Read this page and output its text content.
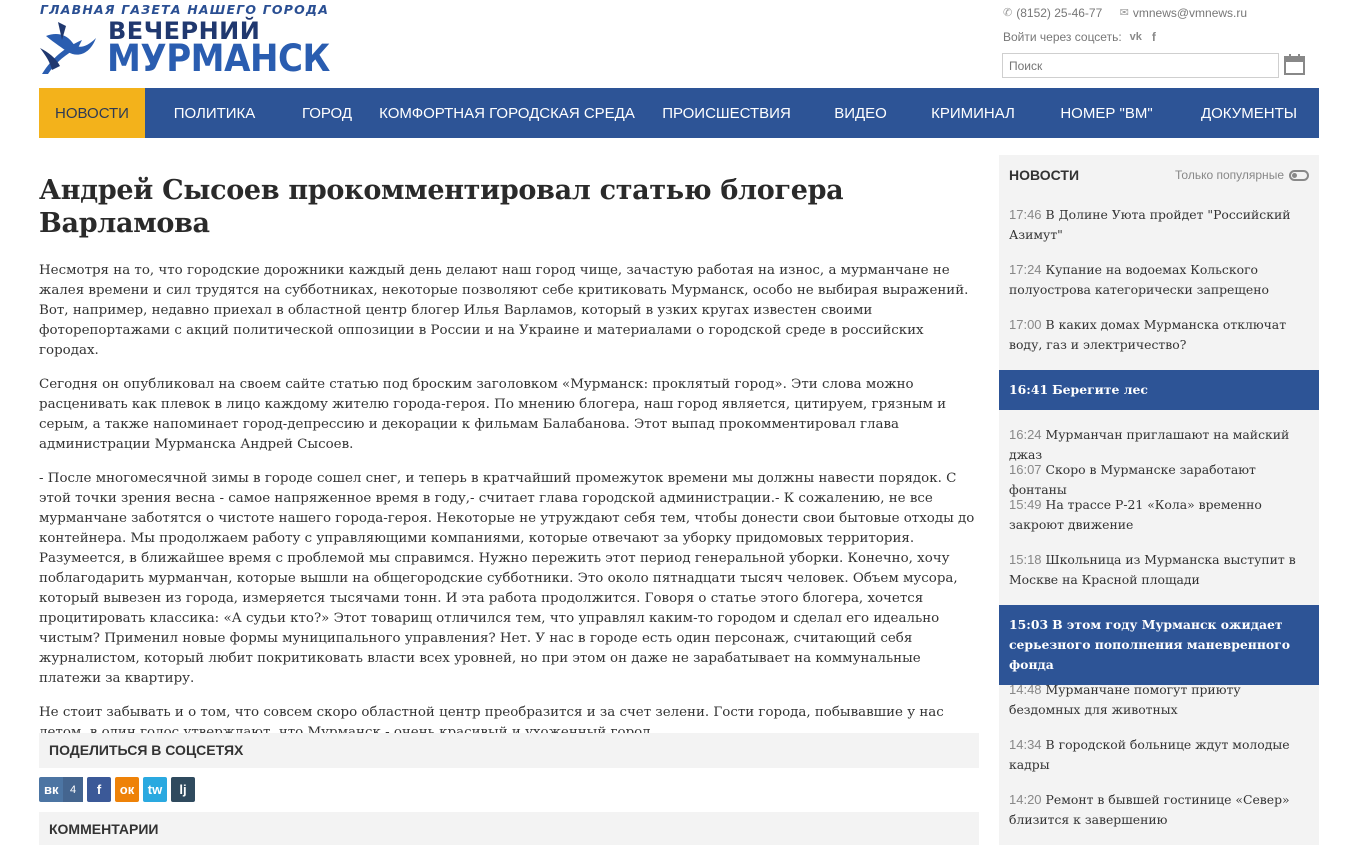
ГЛАВНАЯ ГАЗЕТА НАШЕГО ГОРОДА
ВЕЧЕРНИЙ
МУРМАНСК
✆ (8152) 25-46-77
✉ vmnews@vmnews.ru
Войти через соцсеть: vk f
Поиск
НОВОСТИ	ПОЛИТИКА	ГОРОД	КОМФОРТНАЯ ГОРОДСКАЯ СРЕДА	ПРОИСШЕСТВИЯ	ВИДЕО	КРИМИНАЛ	НОМЕР "ВМ"	ДОКУМЕНТЫ
Андрей Сысоев прокомментировал статью блогера Варламова

Несмотря на то, что городские дорожники каждый день делают наш город чище, зачастую работая на износ, а мурманчане не жалея времени и сил трудятся на субботниках, некоторые позволяют себе критиковать Мурманск, особо не выбирая выражений. Вот, например, недавно приехал в областной центр блогер Илья Варламов, который в узких кругах известен своими фоторепортажами с акций политической оппозиции в России и на Украине и материалами о городской среде в российских городах.

Сегодня он опубликовал на своем сайте статью под броским заголовком «Мурманск: проклятый город». Эти слова можно расценивать как плевок в лицо каждому жителю города-героя. По мнению блогера, наш город является, цитируем, грязным и серым, а также напоминает город-депрессию и декорации к фильмам Балабанова. Этот выпад прокомментировал глава администрации Мурманска Андрей Сысоев.

- После многомесячной зимы в городе сошел снег, и теперь в кратчайший промежуток времени мы должны навести порядок. С этой точки зрения весна - самое напряженное время в году,- считает глава городской администрации.- К сожалению, не все мурманчане заботятся о чистоте нашего города-героя. Некоторые не утруждают себя тем, чтобы донести свои бытовые отходы до контейнера. Мы продолжаем работу с управляющими компаниями, которые отвечают за уборку придомовых территория. Разумеется, в ближайшее время с проблемой мы справимся. Нужно пережить этот период генеральной уборки. Конечно, хочу поблагодарить мурманчан, которые вышли на общегородские субботники. Это около пятнадцати тысяч человек. Объем мусора, который вывезен из города, измеряется тысячами тонн. И эта работа продолжится. Говоря о статье этого блогера, хочется процитировать классика: «А судьи кто?» Этот товарищ отличился тем, что управлял каким-то городом и сделал его идеально чистым? Применил новые формы муниципального управления? Нет. У нас в городе есть один персонаж, считающий себя журналистом, который любит покритиковать власти всех уровней, но при этом он даже не зарабатывает на коммунальные платежи за квартиру.

Не стоит забывать и о том, что совсем скоро областной центр преобразится и за счет зелени. Гости города, побывавшие у нас

ПОДЕЛИТЬСЯ В СОЦСЕТЯХ
вк	4	f ок tw lj
КОММЕНТАРИИ
НОВОСТИ	Только популярные
17:46 В Долине Уюта пройдет "Российский Азимут"
17:24 Купание на водоемах Кольского полуострова категорически запрещено
17:00 В каких домах Мурманска отключат воду, газ и электричество?
16:41 Берегите лес
16:24 Мурманчан приглашают на майский джаз
16:07 Скоро в Мурманске заработают фонтаны
15:49 На трассе Р-21 «Кола» временно закроют движение
15:18 Школьница из Мурманска выступит в Москве на Красной площади
15:03 В этом году Мурманск ожидает серьезного пополнения маневренного фонда
14:48 Мурманчане помогут приюту бездомных для животных
14:34 В городской больнице ждут молодые кадры
14:20 Ремонт в бывшей гостинице «Север» близится к завершению
